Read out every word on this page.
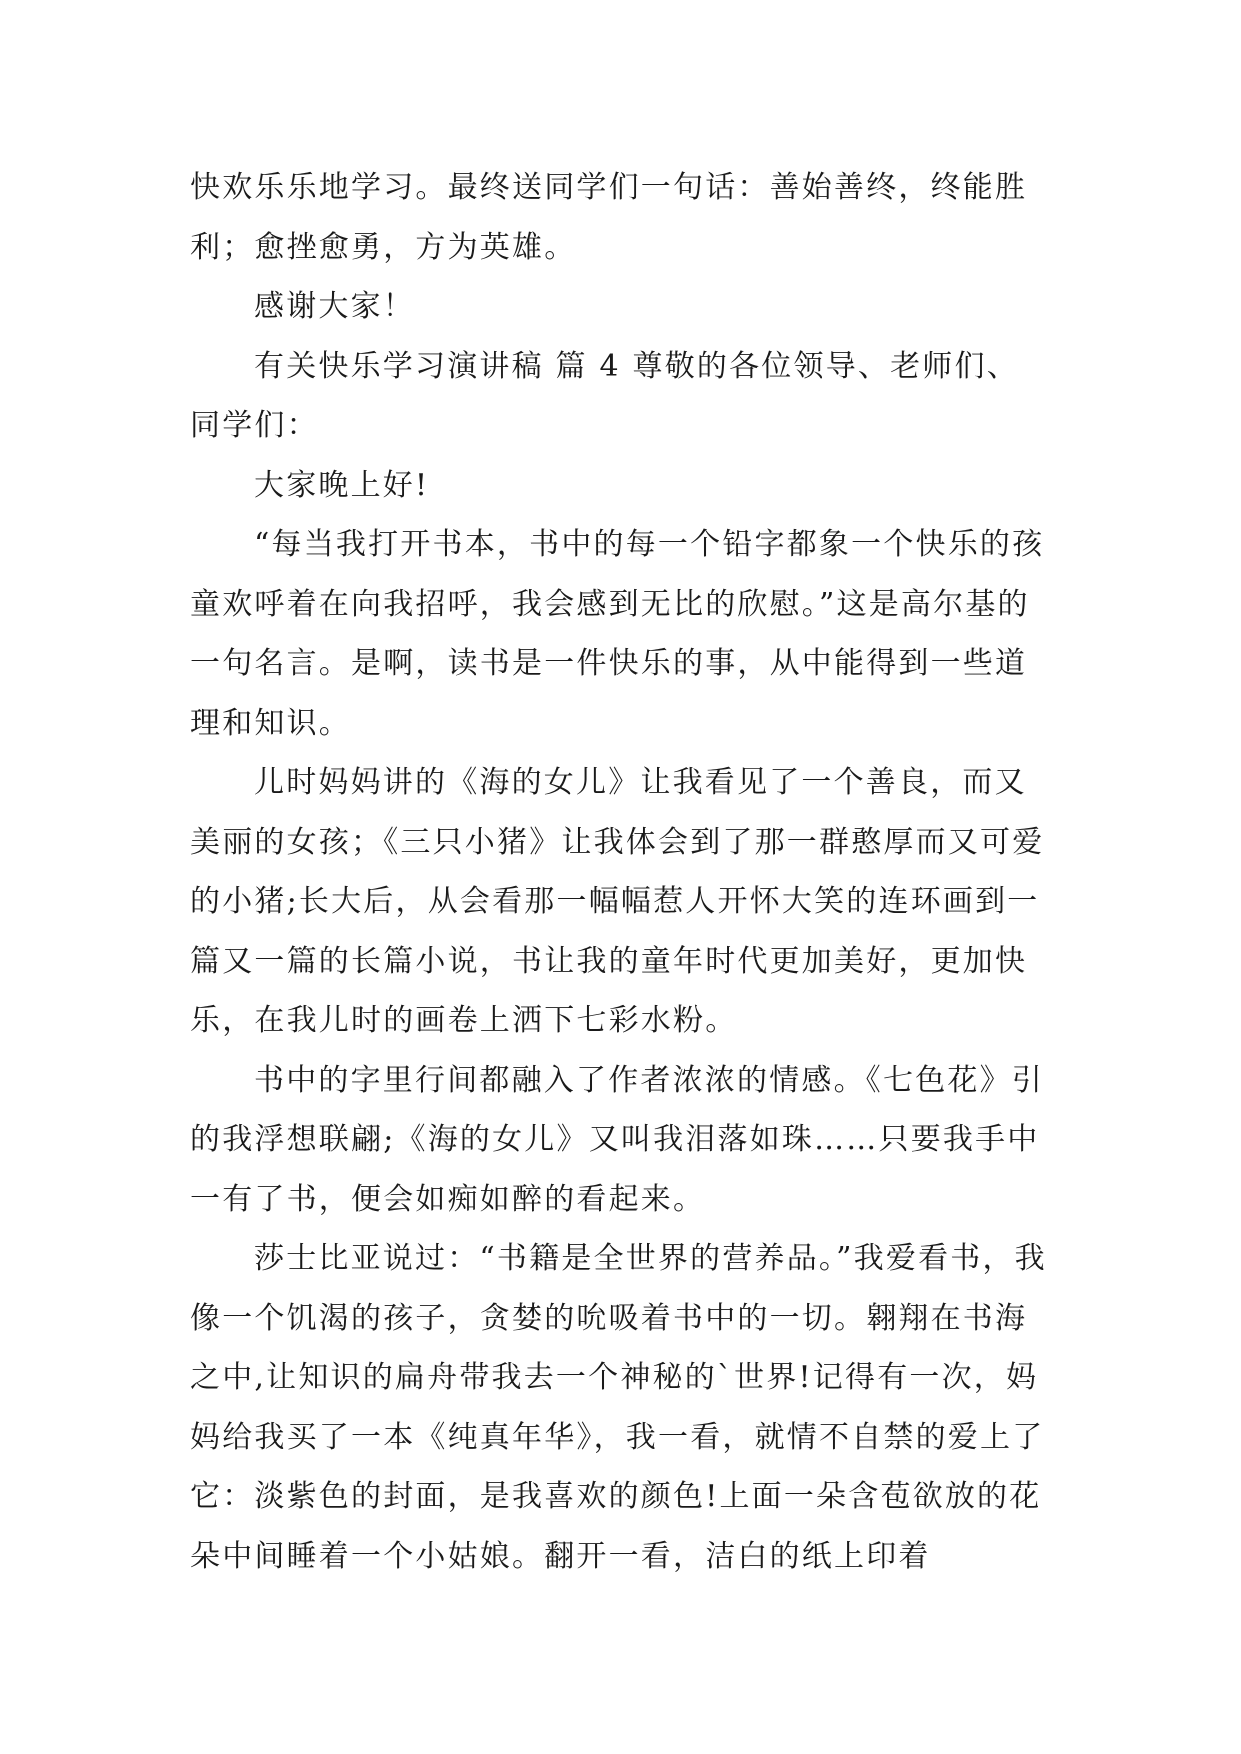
快欢乐乐地学习。最终送同学们一句话：善始善终，终能胜利；愈挫愈勇，方为英雄。

感谢大家！

有关快乐学习演讲稿 篇 4 尊敬的各位领导、老师们、同学们：

大家晚上好!

“每当我打开书本，书中的每一个铅字都象一个快乐的孩童欢呼着在向我招呼，我会感到无比的欣慰。”这是高尔基的一句名言。是啊，读书是一件快乐的事，从中能得到一些道理和知识。

儿时妈妈讲的《海的女儿》让我看见了一个善良，而又美丽的女孩；《三只小猪》让我体会到了那一群憨厚而又可爱的小猪;长大后，从会看那一幅幅惹人开怀大笑的连环画到一篇又一篇的长篇小说，书让我的童年时代更加美好，更加快乐，在我儿时的画卷上洒下七彩水粉。

书中的字里行间都融入了作者浓浓的情感。《七色花》引的我浮想联翩;《海的女儿》又叫我泪落如珠……只要我手中一有了书，便会如痴如醉的看起来。

莎士比亚说过：“书籍是全世界的营养品。”我爱看书，我像一个饥渴的孩子，贪婪的吮吸着书中的一切。翱翔在书海之中,让知识的扁舟带我去一个神秘的`世界!记得有一次，妈妈给我买了一本《纯真年华》，我一看，就情不自禁的爱上了它：淡紫色的封面，是我喜欢的颜色!上面一朵含苞欲放的花朵中间睡着一个小姑娘。翻开一看，洁白的纸上印着
